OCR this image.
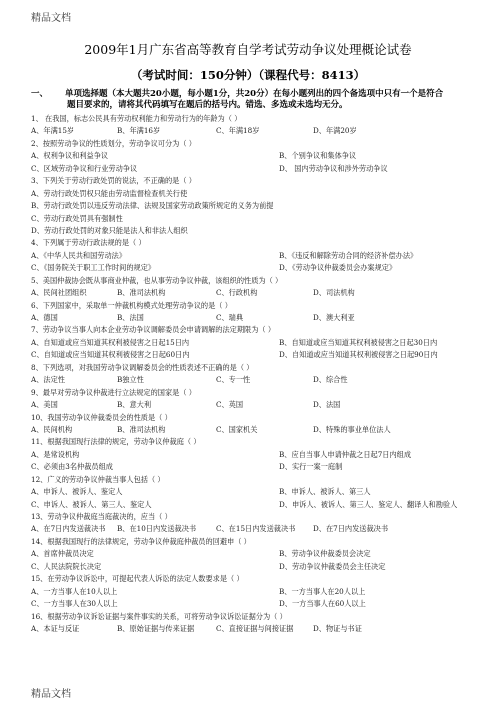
精品文档
2009年1月广东省高等教育自学考试劳动争议处理概论试卷
（考试时间：150分钟）（课程代号：8413）
一、 单项选择题（本大题共20小题，每小题1分，共20分）在每小题列出的四个备选项中只有一个是符合
题目要求的，请将其代码填写在题后的括号内。错选、多选或未选均无分。
1、 在我国，标志公民具有劳动权利能力和劳动行为的年龄为（ ）
A、年满15岁	B、年满16岁	C、年满18岁	D、年满20岁
2、按照劳动争议的性质划分，劳动争议可分为（ ）
A、权利争议和利益争议	B、个别争议和集体争议
C、区域劳动争议和行业劳动争议	D、 国内劳动争议和涉外劳动争议
3、下列关于劳动行政处罚的说法，不正确的是（ ）
A、劳动行政处罚权只能由劳动监督检查机关行使
B、劳动行政处罚以违反劳动法律、法规及国家劳动政策所规定的义务为前提
C、劳动行政处罚具有强制性
D、劳动行政处罚的对象只能是法人和非法人组织
4、下列属于劳动行政法规的是（ ）
A、《中华人民共和国劳动法》	B、《违反和解除劳动合同的经济补偿办法》
C、《国务院关于职工工作时间的规定》	D、《劳动争议仲裁委员会办案规定》
5、美国仲裁协会既从事商业仲裁，也从事劳动争议仲裁，该组织的性质为（ ）
A、民间社团组织	B、准司法机构	C、行政机构	D、司法机构
6、下列国家中，采取单一仲裁机构模式处理劳动争议的是（ ）
A、德国	B、法国	C、瑞典	D、澳大利亚
7、劳动争议当事人向本企业劳动争议调解委员会申请调解的法定期限为（ ）
A、自知道或应当知道其权利被侵害之日起15日内	B、自知道或应当知道其权利被侵害之日起30日内
C、自知道或应当知道其权利被侵害之日起60日内	D、自知道或应当知道其权利被侵害之日起90日内
8、下列选项，对我国劳动争议调解委员会的性质表述不正确的是（ ）
A、法定性	B独立性	C、专一性	D、综合性
9、最早对劳动争议仲裁进行立法规定的国家是（ ）
A、美国	B、意大利	C、英国	D、法国
10、我国劳动争议仲裁委员会的性质是（ ）
A、民间机构	B、准司法机构	C、国家机关	D、特殊的事业单位法人
11、根据我国现行法律的规定，劳动争议仲裁庭（ ）
A、是常设机构	B、应自当事人申请仲裁之日起7日内组成
C、必须由3名仲裁员组成	D、实行一案一庭制
12、广义的劳动争议仲裁当事人包括（ ）
A、申诉人、被诉人、鉴定人	B、申诉人、被诉人、第三人
C、申诉人、被诉人、第三人、鉴定人	D、申诉人、被诉人、第三人、鉴定人、翻译人和勘验人
13、劳动争议仲裁庭当庭裁决的，应当（ ）
A、在7日内发送裁决书 B、在10日内发送裁决书	C、在15日内发送裁决书 D、在7日内发送裁决书
14、根据我国现行的法律规定，劳动争议仲裁庭仲裁员的回避申（ ）
A、首席仲裁员决定	B、劳动争议仲裁委员会决定
C、人民法院院长决定	D、劳动争议仲裁委员会主任决定
15、在劳动争议诉讼中，可提起代表人诉讼的法定人数要求是（ ）
A、一方当事人在10人以上	B、一方当事人在20人以上
C、一方当事人在30人以上	D、一方当事人在60人以上
16、根据劳动争议诉讼证据与案件事实的关系，可将劳动争议诉讼证据分为（ ）
A、本证与反证	B、原始证据与传来证据	C、直接证据与间接证据	D、物证与书证
精品文档
